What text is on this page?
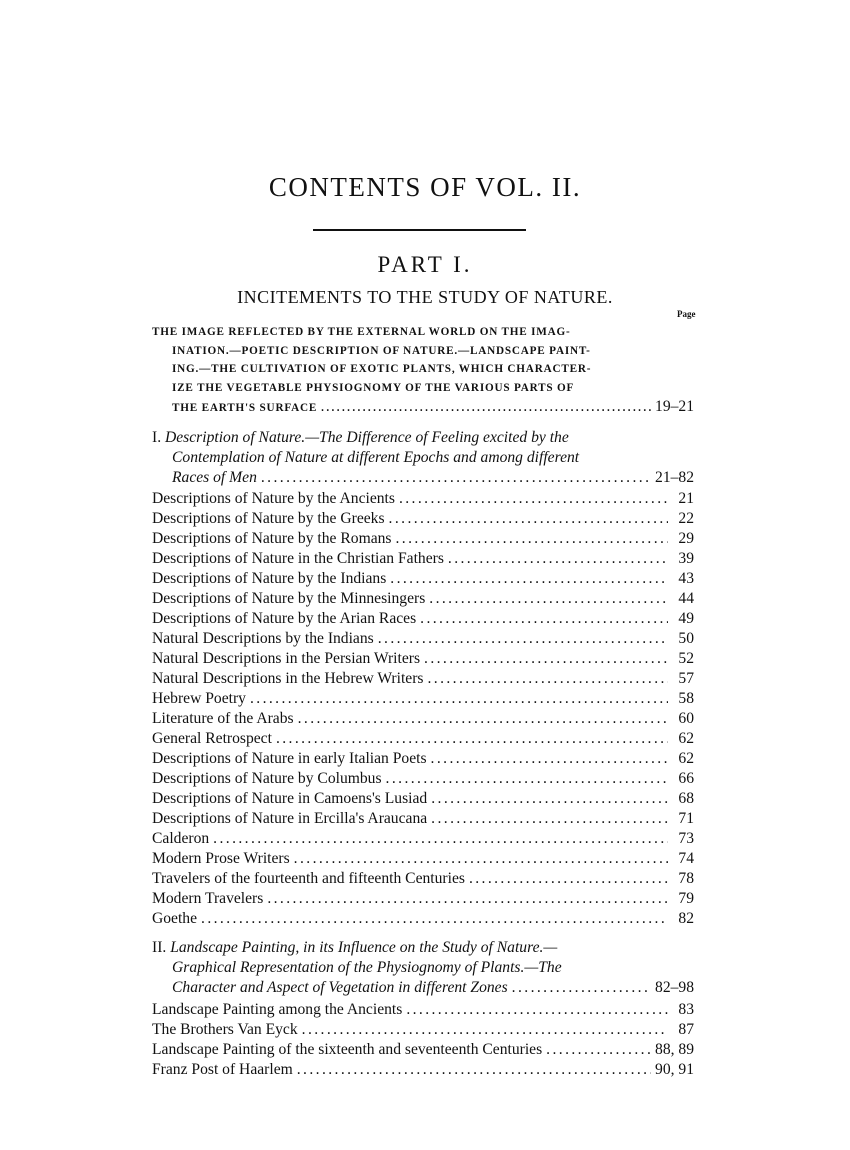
CONTENTS OF VOL. II.
PART I.
INCITEMENTS TO THE STUDY OF NATURE.
Page
THE IMAGE REFLECTED BY THE EXTERNAL WORLD ON THE IMAG-
INATION.—POETIC DESCRIPTION OF NATURE.—LANDSCAPE PAINT-
ING.—THE CULTIVATION OF EXOTIC PLANTS, WHICH CHARACTER-
IZE THE VEGETABLE PHYSIOGNOMY OF THE VARIOUS PARTS OF
THE EARTH'S SURFACE .....	19–21
I. Description of Nature.—The Difference of Feeling excited by the
Contemplation of Nature at different Epochs and among different
Races of Men .....	21–82
Descriptions of Nature by the Ancients .....	21
Descriptions of Nature by the Greeks .....	22
Descriptions of Nature by the Romans .....	29
Descriptions of Nature in the Christian Fathers .....	39
Descriptions of Nature by the Indians .....	43
Descriptions of Nature by the Minnesingers .....	44
Descriptions of Nature by the Arian Races .....	49
Natural Descriptions by the Indians .....	50
Natural Descriptions in the Persian Writers .....	52
Natural Descriptions in the Hebrew Writers .....	57
Hebrew Poetry .....	58
Literature of the Arabs .....	60
General Retrospect .....	62
Descriptions of Nature in early Italian Poets .....	62
Descriptions of Nature by Columbus .....	66
Descriptions of Nature in Camoens's Lusiad .....	68
Descriptions of Nature in Ercilla's Araucana .....	71
Calderon .....	73
Modern Prose Writers .....	74
Travelers of the fourteenth and fifteenth Centuries .....	78
Modern Travelers .....	79
Goethe .....	82
II. Landscape Painting, in its Influence on the Study of Nature.—
Graphical Representation of the Physiognomy of Plants.—The
Character and Aspect of Vegetation in different Zones .....	82–98
Landscape Painting among the Ancients .....	83
The Brothers Van Eyck .....	87
Landscape Painting of the sixteenth and seventeenth Centuries .....	88, 89
Franz Post of Haarlem .....	90, 91
